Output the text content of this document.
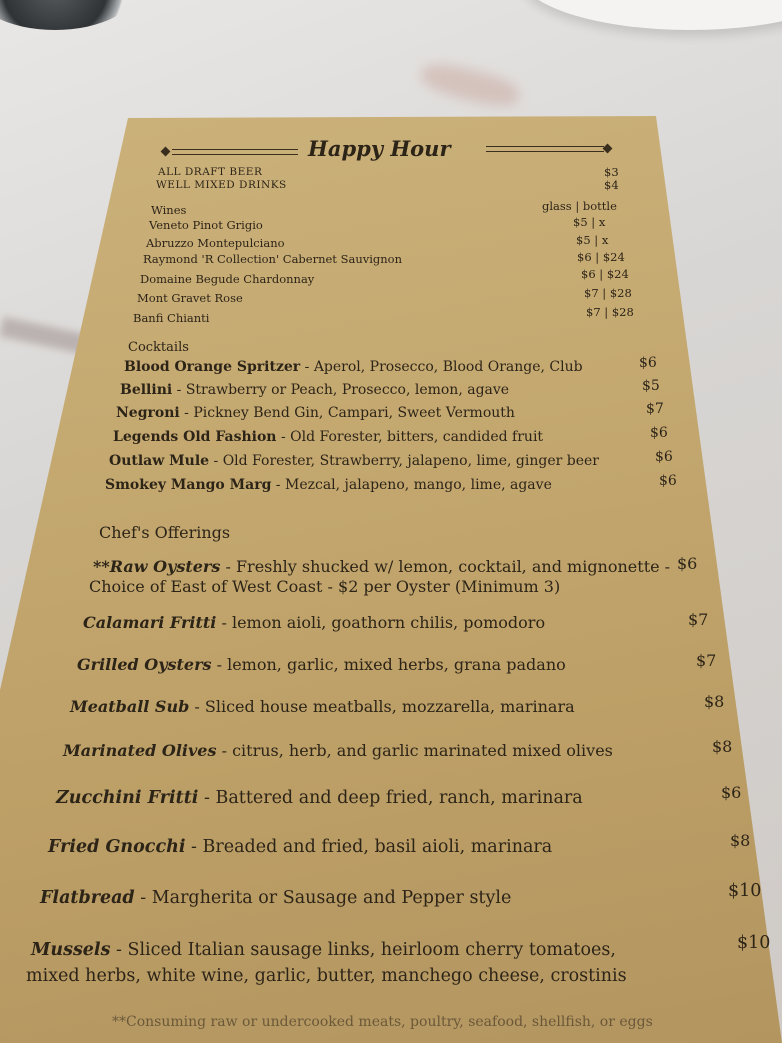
Happy Hour
ALL DRAFT BEER	$3
WELL MIXED DRINKS	$4
Wines	glass | bottle
Veneto Pinot Grigio	$5 | x
Abruzzo Montepulciano	$5 | x
Raymond 'R Collection' Cabernet Sauvignon	$6 | $24
Domaine Begude Chardonnay	$6 | $24
Mont Gravet Rose	$7 | $28
Banfi Chianti	$7 | $28
Cocktails
Blood Orange Spritzer - Aperol, Prosecco, Blood Orange, Club	$6
Bellini - Strawberry or Peach, Prosecco, lemon, agave	$5
Negroni - Pickney Bend Gin, Campari, Sweet Vermouth	$7
Legends Old Fashion - Old Forester, bitters, candided fruit	$6
Outlaw Mule - Old Forester, Strawberry, jalapeno, lime, ginger beer	$6
Smokey Mango Marg - Mezcal, jalapeno, mango, lime, agave	$6
Chef's Offerings
**Raw Oysters - Freshly shucked w/ lemon, cocktail, and mignonette -
Choice of East of West Coast - $2 per Oyster (Minimum 3)
$6
Calamari Fritti - lemon aioli, goathorn chilis, pomodoro	$7
Grilled Oysters - lemon, garlic, mixed herbs, grana padano	$7
Meatball Sub - Sliced house meatballs, mozzarella, marinara	$8
Marinated Olives - citrus, herb, and garlic marinated mixed olives	$8
Zucchini Fritti - Battered and deep fried, ranch, marinara	$6
Fried Gnocchi - Breaded and fried, basil aioli, marinara	$8
Flatbread - Margherita or Sausage and Pepper style	$10
Mussels - Sliced Italian sausage links, heirloom cherry tomatoes,
mixed herbs, white wine, garlic, butter, manchego cheese, crostinis
$10
**Consuming raw or undercooked meats, poultry, seafood, shellfish, or eggs
